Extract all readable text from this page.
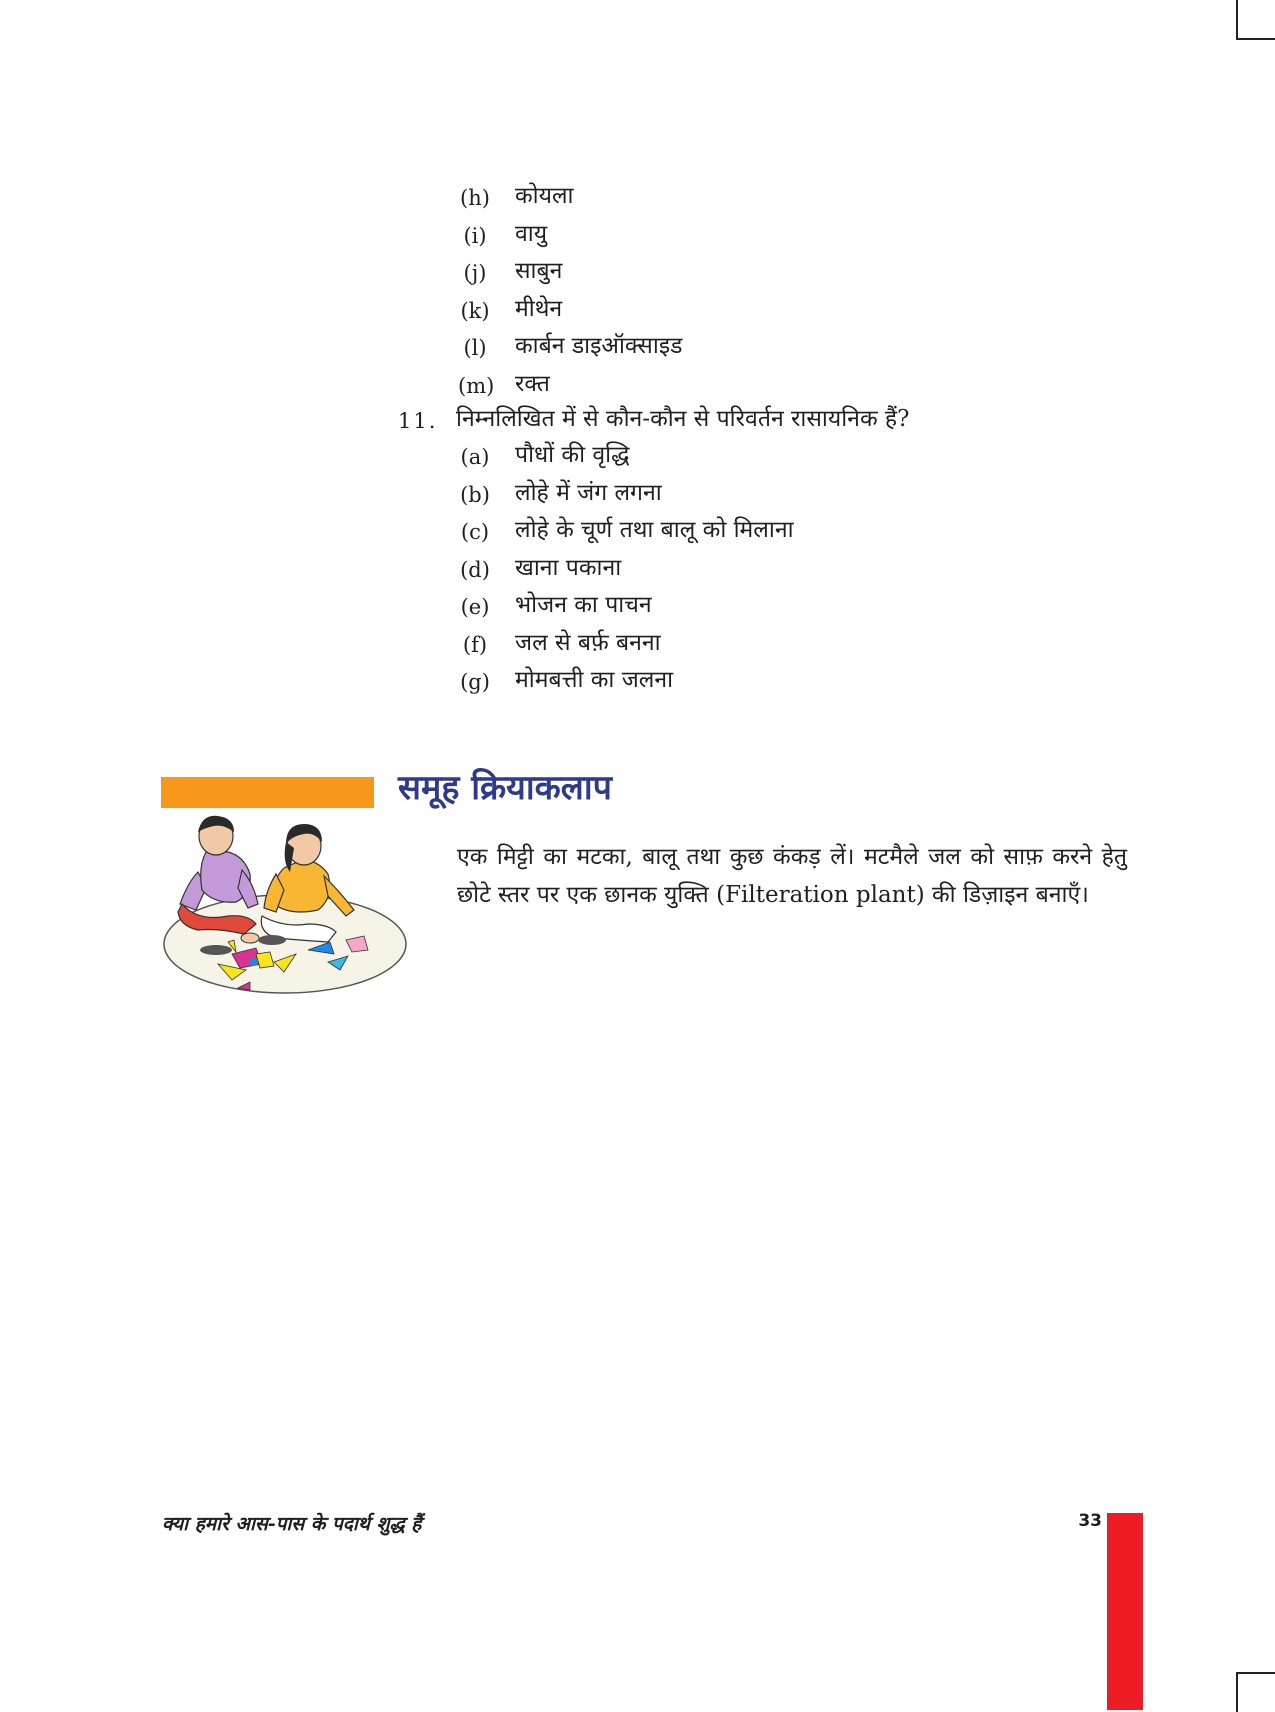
(h) कोयला
(i) वायु
(j) साबुन
(k) मीथेन
(l) कार्बन डाइऑक्साइड
(m) रक्त
11. निम्नलिखित में से कौन-कौन से परिवर्तन रासायनिक हैं?
(a) पौधों की वृद्धि
(b) लोहे में जंग लगना
(c) लोहे के चूर्ण तथा बालू को मिलाना
(d) खाना पकाना
(e) भोजन का पाचन
(f) जल से बर्फ़ बनना
(g) मोमबत्ती का जलना
समूह क्रियाकलाप

एक मिट्टी का मटका, बालू तथा कुछ कंकड़ लें। मटमैले जल को साफ़ करने हेतु छोटे स्तर पर एक छानक युक्ति (Filteration plant) की डिज़ाइन बनाएँ।

क्या हमारे आस-पास के पदार्थ शुद्ध हैं	33
